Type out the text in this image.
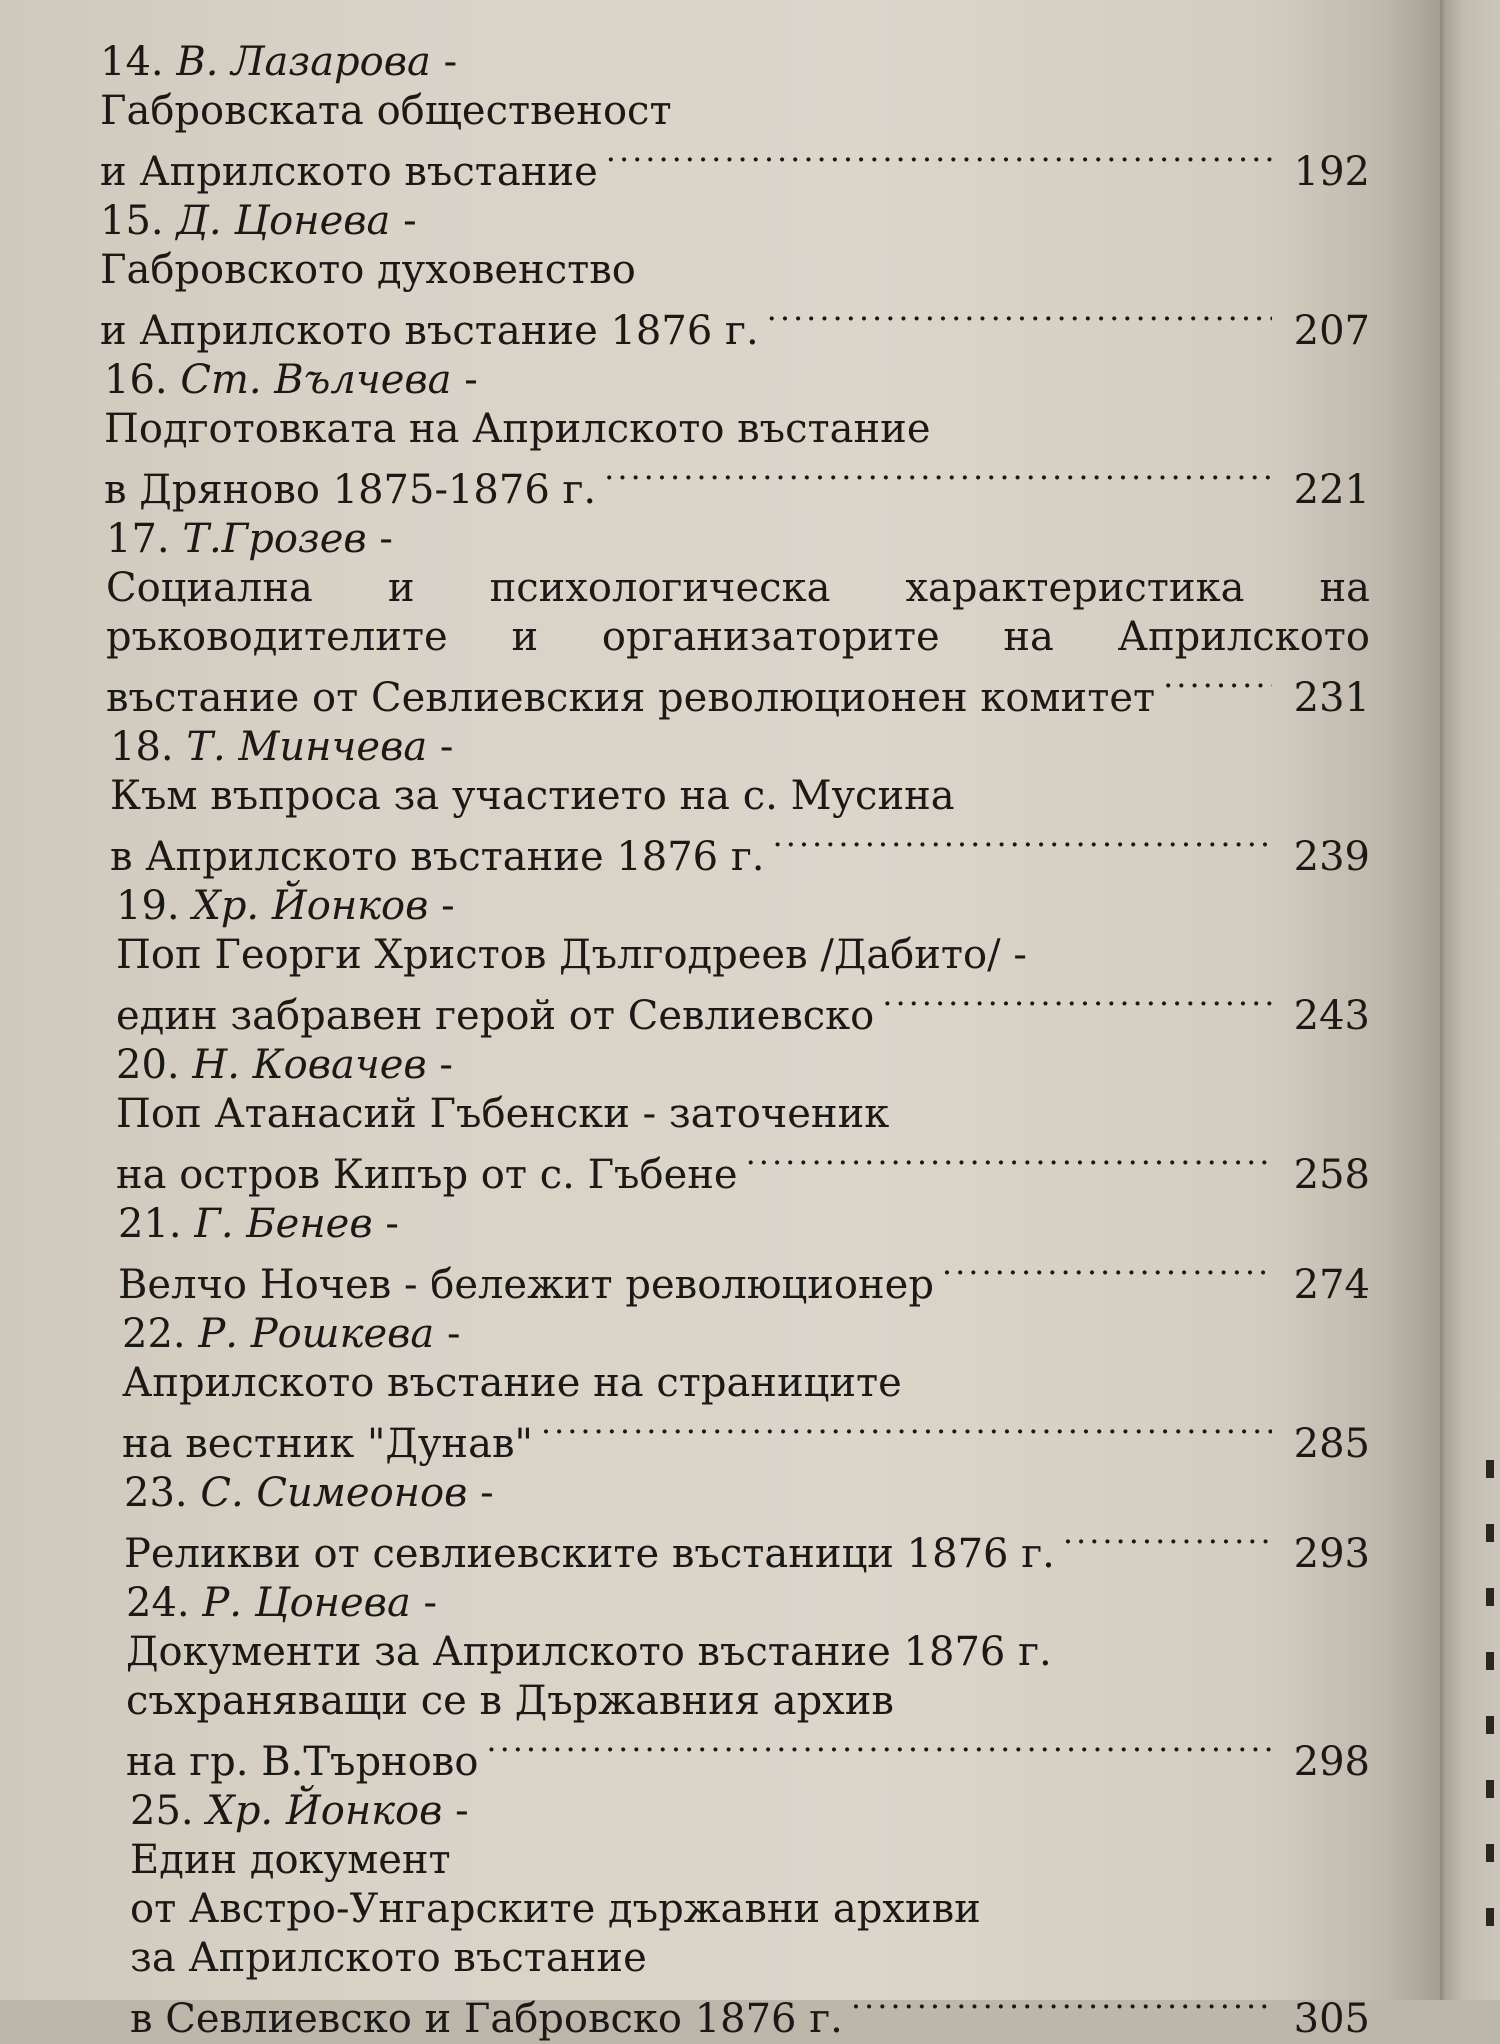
14. В. Лазарова -
Габровската общественост
и Априлското въстание .....	192
15. Д. Цонева -
Габровското духовенство
и Априлското въстание 1876 г. .....	207
16. Ст. Вълчева -
Подготовката на Априлското въстание
в Дряново 1875-1876 г. .....	221
17. Т.Грозев -
Социална и психологическа характеристика на
ръководителите и организаторите на Априлското
въстание от Севлиевския революционен комитет .....	231
18. Т. Минчева -
Към въпроса за участието на с. Мусина
в Априлското въстание 1876 г. .....	239
19. Хр. Йонков -
Поп Георги Христов Дългодреев /Дабито/ -
един забравен герой от Севлиевско .....	243
20. Н. Ковачев -
Поп Атанасий Гъбенски - заточеник
на остров Кипър от с. Гъбене .....	258
21. Г. Бенев -
Велчо Ночев - бележит революционер .....	274
22. Р. Рошкева -
Априлското въстание на страниците
на вестник "Дунав" .....	285
23. С. Симеонов -
Реликви от севлиевските въстаници 1876 г. .....	293
24. Р. Цонева -
Документи за Априлското въстание 1876 г.
съхраняващи се в Държавния архив
на гр. В.Търново .....	298
25. Хр. Йонков -
Един документ
от Австро-Унгарските държавни архиви
за Априлското въстание
в Севлиевско и Габровско 1876 г. .....	305
